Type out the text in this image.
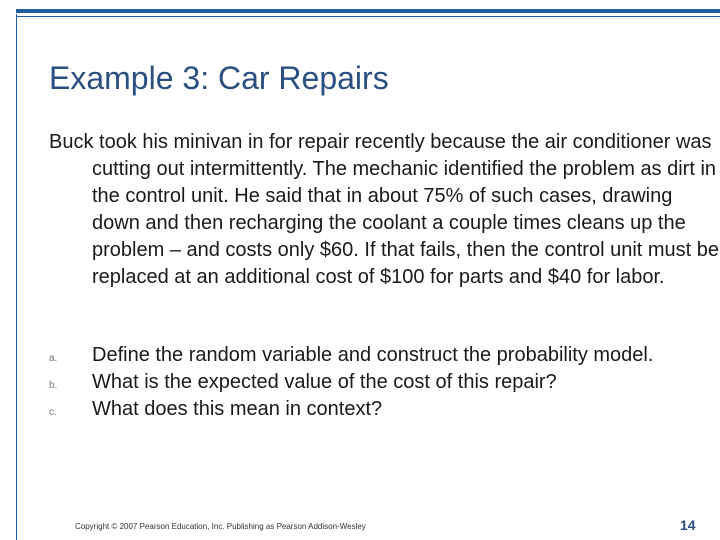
Example 3: Car Repairs

Buck took his minivan in for repair recently because the air conditioner was cutting out intermittently. The mechanic identified the problem as dirt in the control unit. He said that in about 75% of such cases, drawing down and then recharging the coolant a couple times cleans up the problem – and costs only $60. If that fails, then the control unit must be replaced at an additional cost of $100 for parts and $40 for labor.

a.	Define the random variable and construct the probability model.
b.	What is the expected value of the cost of this repair?
c.	What does this mean in context?
Copyright © 2007 Pearson Education, Inc. Publishing as Pearson Addison-Wesley	14
